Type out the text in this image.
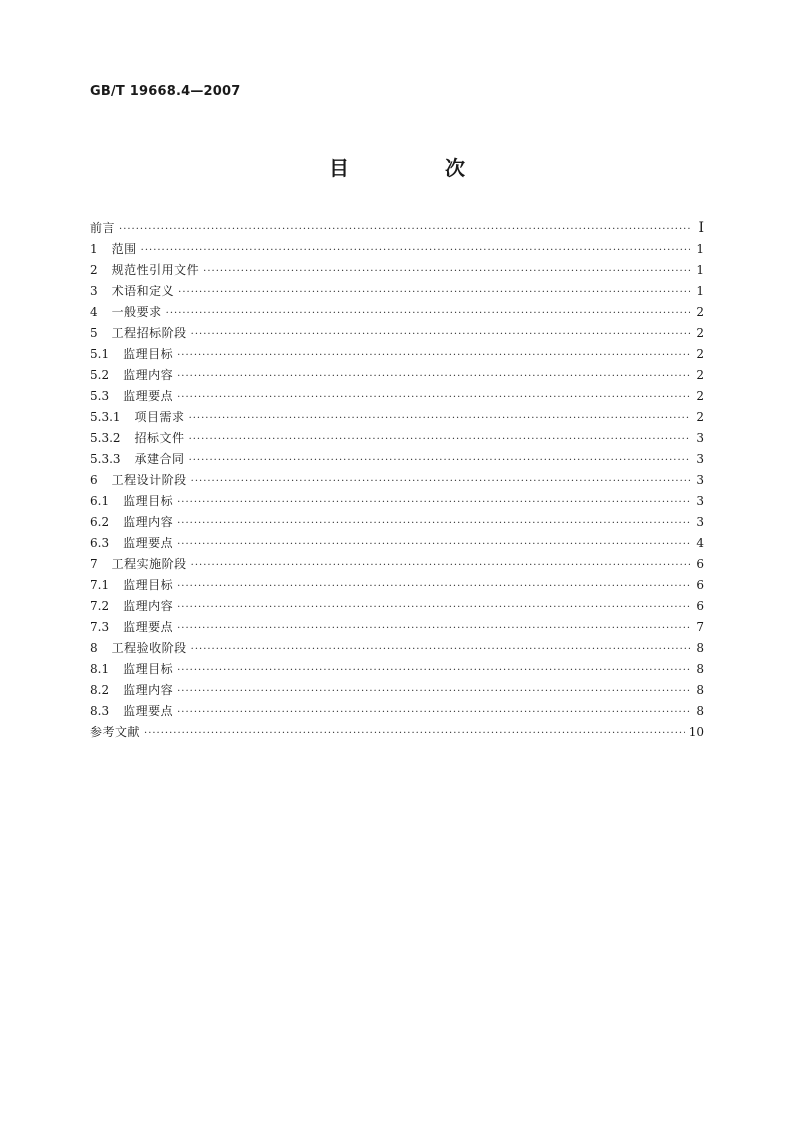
GB/T 19668.4—2007
目　次
前言 ·····	Ⅰ
1 范围 ·····	1
2 规范性引用文件 ·····	1
3 术语和定义 ·····	1
4 一般要求 ·····	2
5 工程招标阶段 ·····	2
5.1 监理目标 ·····	2
5.2 监理内容 ·····	2
5.3 监理要点 ·····	2
5.3.1 项目需求 ·····	2
5.3.2 招标文件 ·····	3
5.3.3 承建合同 ·····	3
6 工程设计阶段 ·····	3
6.1 监理目标 ·····	3
6.2 监理内容 ·····	3
6.3 监理要点 ·····	4
7 工程实施阶段 ·····	6
7.1 监理目标 ·····	6
7.2 监理内容 ·····	6
7.3 监理要点 ·····	7
8 工程验收阶段 ·····	8
8.1 监理目标 ·····	8
8.2 监理内容 ·····	8
8.3 监理要点 ·····	8
参考文献 ·····	10
